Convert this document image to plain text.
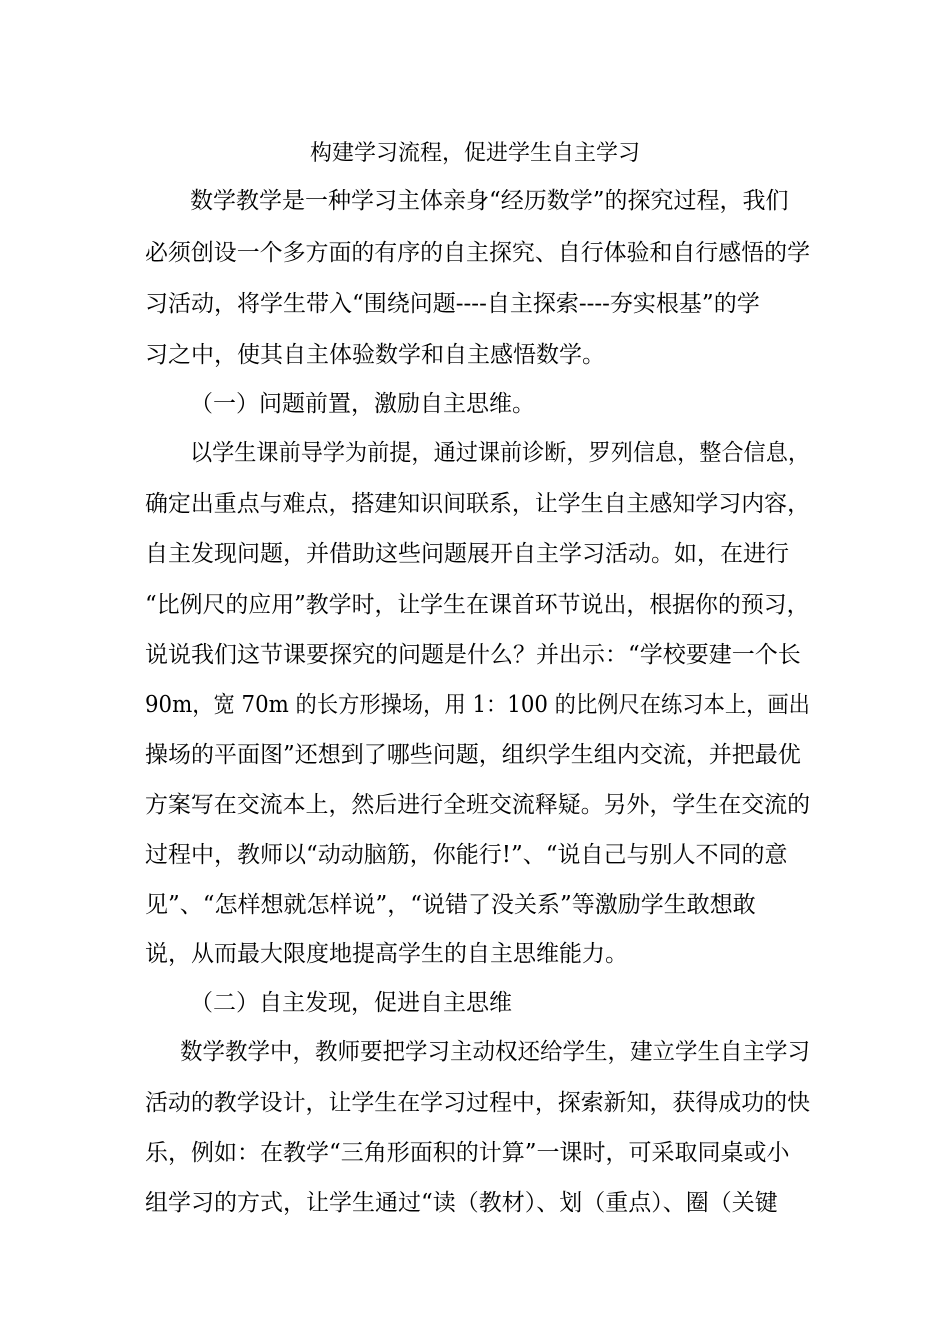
构建学习流程，促进学生自主学习
数学教学是一种学习主体亲身“经历数学”的探究过程，我们
必须创设一个多方面的有序的自主探究、自行体验和自行感悟的学
习活动，将学生带入“围绕问题----自主探索----夯实根基”的学
习之中，使其自主体验数学和自主感悟数学。
（一）问题前置，激励自主思维。
以学生课前导学为前提，通过课前诊断，罗列信息，整合信息，
确定出重点与难点，搭建知识间联系，让学生自主感知学习内容，
自主发现问题，并借助这些问题展开自主学习活动。如，在进行
“比例尺的应用”教学时，让学生在课首环节说出，根据你的预习，
说说我们这节课要探究的问题是什么？并出示：“学校要建一个长
90m，宽 70m 的长方形操场，用 1：100 的比例尺在练习本上，画出
操场的平面图”还想到了哪些问题，组织学生组内交流，并把最优
方案写在交流本上，然后进行全班交流释疑。另外，学生在交流的
过程中，教师以“动动脑筋，你能行!”、“说自己与别人不同的意
见”、“怎样想就怎样说”，“说错了没关系”等激励学生敢想敢
说，从而最大限度地提高学生的自主思维能力。
（二）自主发现，促进自主思维
数学教学中，教师要把学习主动权还给学生，建立学生自主学习
活动的教学设计，让学生在学习过程中，探索新知，获得成功的快
乐，例如：在教学“三角形面积的计算”一课时，可采取同桌或小
组学习的方式，让学生通过“读（教材）、划（重点）、圈（关键
